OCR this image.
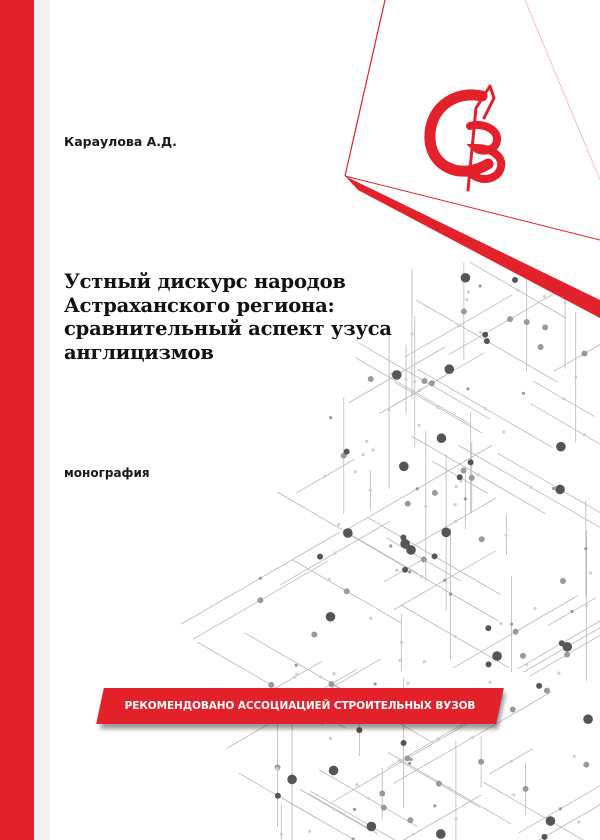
Караулова А.Д.

Устный дискурс народов
Астраханского региона:
сравнительный аспект узуса
англицизмов

монография

РЕКОМЕНДОВАНО АССОЦИАЦИЕЙ СТРОИТЕЛЬНЫХ ВУЗОВ
